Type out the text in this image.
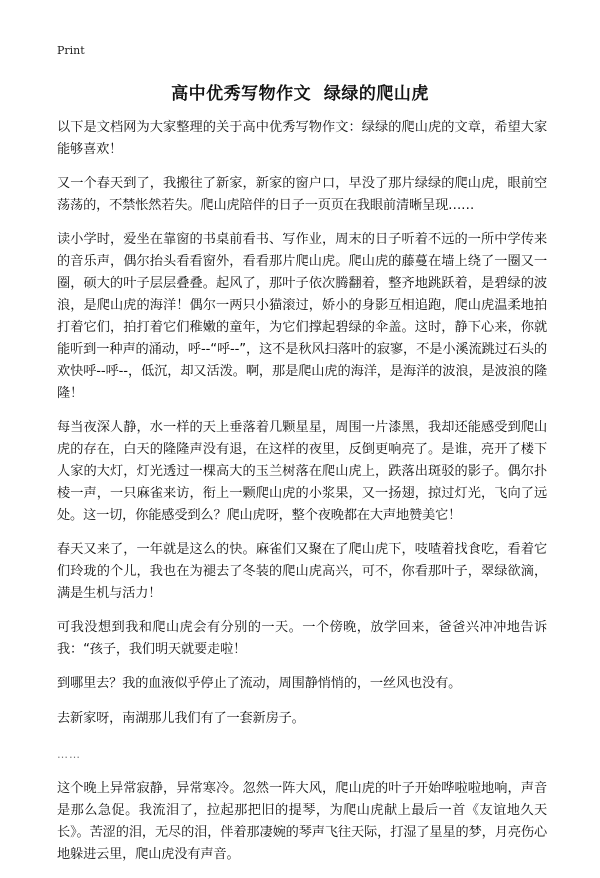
Print
高中优秀写物作文  绿绿的爬山虎

以下是文档网为大家整理的关于高中优秀写物作文：绿绿的爬山虎的文章，希望大家能够喜欢！

又一个春天到了，我搬往了新家，新家的窗户口，早没了那片绿绿的爬山虎，眼前空荡荡的，不禁怅然若失。爬山虎陪伴的日子一页页在我眼前清晰呈现……

读小学时，爱坐在靠窗的书桌前看书、写作业，周末的日子听着不远的一所中学传来的音乐声，偶尔抬头看看窗外，看看那片爬山虎。爬山虎的藤蔓在墙上绕了一圈又一圈，硕大的叶子层层叠叠。起风了，那叶子依次腾翻着，整齐地跳跃着，是碧绿的波浪，是爬山虎的海洋！偶尔一两只小猫滚过，娇小的身影互相追跑，爬山虎温柔地拍打着它们，拍打着它们稚嫩的童年，为它们撑起碧绿的伞盖。这时，静下心来，你就能听到一种声的涌动，呼--“呼--”，这不是秋风扫落叶的寂寥，不是小溪流跳过石头的欢快呼--呼--，低沉，却又活泼。啊，那是爬山虎的海洋，是海洋的波浪，是波浪的隆隆！

每当夜深人静，水一样的天上垂落着几颗星星，周围一片漆黑，我却还能感受到爬山虎的存在，白天的隆隆声没有退，在这样的夜里，反倒更响亮了。是谁，亮开了楼下人家的大灯，灯光透过一棵高大的玉兰树落在爬山虎上，跌落出斑驳的影子。偶尔扑棱一声，一只麻雀来访，衔上一颗爬山虎的小浆果，又一扬翅，掠过灯光，飞向了远处。这一切，你能感受到么？爬山虎呀，整个夜晚都在大声地赞美它！

春天又来了，一年就是这么的快。麻雀们又聚在了爬山虎下，吱喳着找食吃，看着它们玲珑的个儿，我也在为褪去了冬装的爬山虎高兴，可不，你看那叶子，翠绿欲滴，满是生机与活力！

可我没想到我和爬山虎会有分别的一天。一个傍晚，放学回来，爸爸兴冲冲地告诉我：“孩子，我们明天就要走啦！

到哪里去？我的血液似乎停止了流动，周围静悄悄的，一丝风也没有。

去新家呀，南湖那儿我们有了一套新房子。

……

这个晚上异常寂静，异常寒冷。忽然一阵大风，爬山虎的叶子开始哗啦啦地响，声音是那么急促。我流泪了，拉起那把旧的提琴，为爬山虎献上最后一首《友谊地久天长》。苦涩的泪，无尽的泪，伴着那凄婉的琴声飞往天际，打湿了星星的梦，月亮伤心地躲进云里，爬山虎没有声音。
